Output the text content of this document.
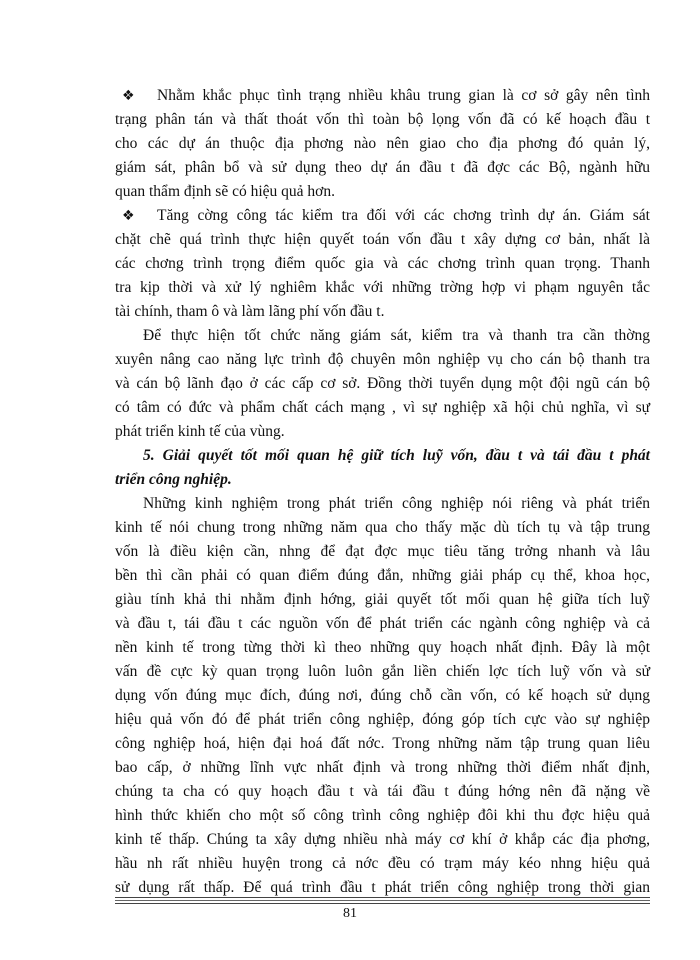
❖ Nhằm khắc phục tình trạng nhiều khâu trung gian là cơ sở gây nên tình
trạng phân tán và thất thoát vốn thì toàn bộ lọng vốn đã có kế hoạch đầu t
cho các dự án thuộc địa phơng nào nên giao cho địa phơng đó quản lý,
giám sát, phân bổ và sử dụng theo dự án đầu t đã đợc các Bộ, ngành hữu
quan thẩm định sẽ có hiệu quả hơn.
❖ Tăng cờng công tác kiểm tra đối với các chơng trình dự án. Giám sát
chặt chẽ quá trình thực hiện quyết toán vốn đầu t xây dựng cơ bản, nhất là
các chơng trình trọng điểm quốc gia và các chơng trình quan trọng. Thanh
tra kịp thời và xử lý nghiêm khắc với những trờng hợp vi phạm nguyên tắc
tài chính, tham ô và làm lãng phí vốn đầu t.
Để thực hiện tốt chức năng giám sát, kiểm tra và thanh tra cần thờng
xuyên nâng cao năng lực trình độ chuyên môn nghiệp vụ cho cán bộ thanh tra
và cán bộ lãnh đạo ở các cấp cơ sở. Đồng thời tuyển dụng một đội ngũ cán bộ
có tâm có đức và phẩm chất cách mạng , vì sự nghiệp xã hội chủ nghĩa, vì sự
phát triển kinh tế của vùng.
5. Giải quyết tốt mối quan hệ giữ tích luỹ vốn, đầu t và tái đầu t phát
triển công nghiệp.
Những kinh nghiệm trong phát triển công nghiệp nói riêng và phát triển
kinh tế nói chung trong những năm qua cho thấy mặc dù tích tụ và tập trung
vốn là điều kiện cần, nhng để đạt đợc mục tiêu tăng trởng nhanh và lâu
bền thì cần phải có quan điểm đúng đắn, những giải pháp cụ thể, khoa học,
giàu tính khả thi nhằm định hớng, giải quyết tốt mối quan hệ giữa tích luỹ
và đầu t, tái đầu t các nguồn vốn để phát triển các ngành công nghiệp và cả
nền kinh tế trong từng thời kì theo những quy hoạch nhất định. Đây là một
vấn đề cực kỳ quan trọng luôn luôn gắn liền chiến lợc tích luỹ vốn và sử
dụng vốn đúng mục đích, đúng nơi, đúng chỗ cần vốn, có kế hoạch sử dụng
hiệu quả vốn đó để phát triển công nghiệp, đóng góp tích cực vào sự nghiệp
công nghiệp hoá, hiện đại hoá đất nớc. Trong những năm tập trung quan liêu
bao cấp, ở những lĩnh vực nhất định và trong những thời điểm nhất định,
chúng ta cha có quy hoạch đầu t và tái đầu t đúng hớng nên đã nặng về
hình thức khiến cho một số công trình công nghiệp đôi khi thu đợc hiệu quả
kinh tế thấp. Chúng ta xây dựng nhiều nhà máy cơ khí ở khắp các địa phơng,
hầu nh rất nhiều huyện trong cả nớc đều có trạm máy kéo nhng hiệu quả
sử dụng rất thấp. Để quá trình đầu t phát triển công nghiệp trong thời gian
81
